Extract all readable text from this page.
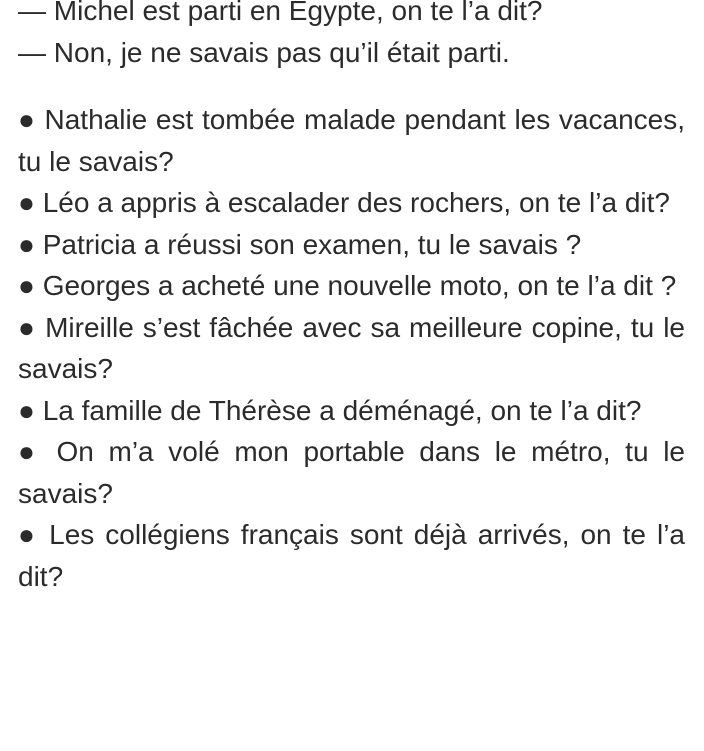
— Michel est parti en Egypte, on te l’a dit?

— Non, je ne savais pas qu’il était parti.

● Nathalie est tombée malade pendant les vacances, tu le savais?
● Léo a appris à escalader des rochers, on te l’a dit?
● Patricia a réussi son examen, tu le savais ?
● Georges a acheté une nouvelle moto, on te l’a dit ?
● Mireille s’est fâchée avec sa meilleure copine, tu le savais?
● La famille de Thérèse a déménagé, on te l’a dit?
● On m’a volé mon portable dans le métro, tu le savais?
● Les collégiens français sont déjà arrivés, on te l’a dit?
